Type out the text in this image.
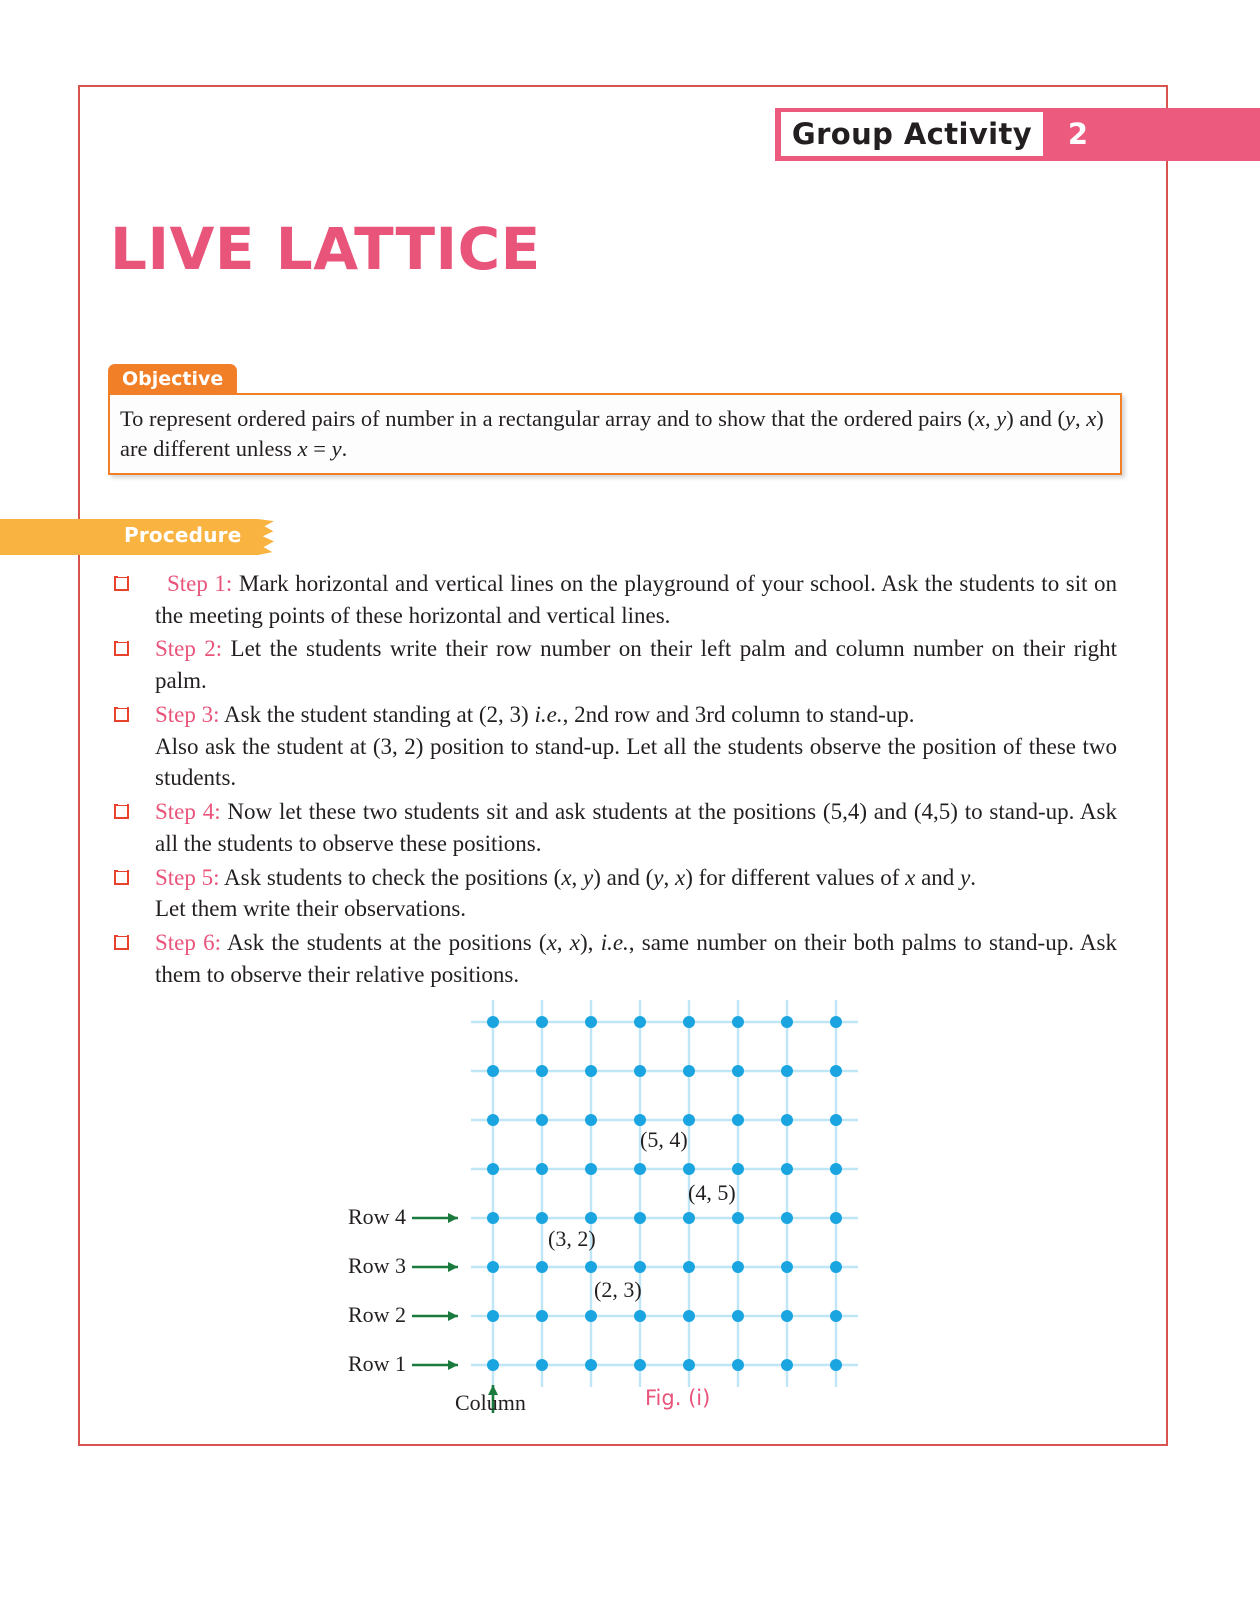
Group Activity	2
LIVE LATTICE
Objective
To represent ordered pairs of number in a rectangular array and to show that the ordered pairs (x, y) and (y, x) are different unless x = y.
Procedure
Step 1: Mark horizontal and vertical lines on the playground of your school. Ask the students to sit on the meeting points of these horizontal and vertical lines.
Step 2: Let the students write their row number on their left palm and column number on their right palm.
Step 3: Ask the student standing at (2, 3) i.e., 2nd row and 3rd column to stand-up.
Also ask the student at (3, 2) position to stand-up. Let all the students observe the position of these two students.
Step 4: Now let these two students sit and ask students at the positions (5,4) and (4,5) to stand-up. Ask all the students to observe these positions.
Step 5: Ask students to check the positions (x, y) and (y, x) for different values of x and y.
Let them write their observations.
Step 6: Ask the students at the positions (x, x), i.e., same number on their both palms to stand-up. Ask them to observe their relative positions.
Row 1
Row 2
Row 3
Row 4
(5, 4)
(4, 5)
(3, 2)
(2, 3)
Column	Fig. (i)
